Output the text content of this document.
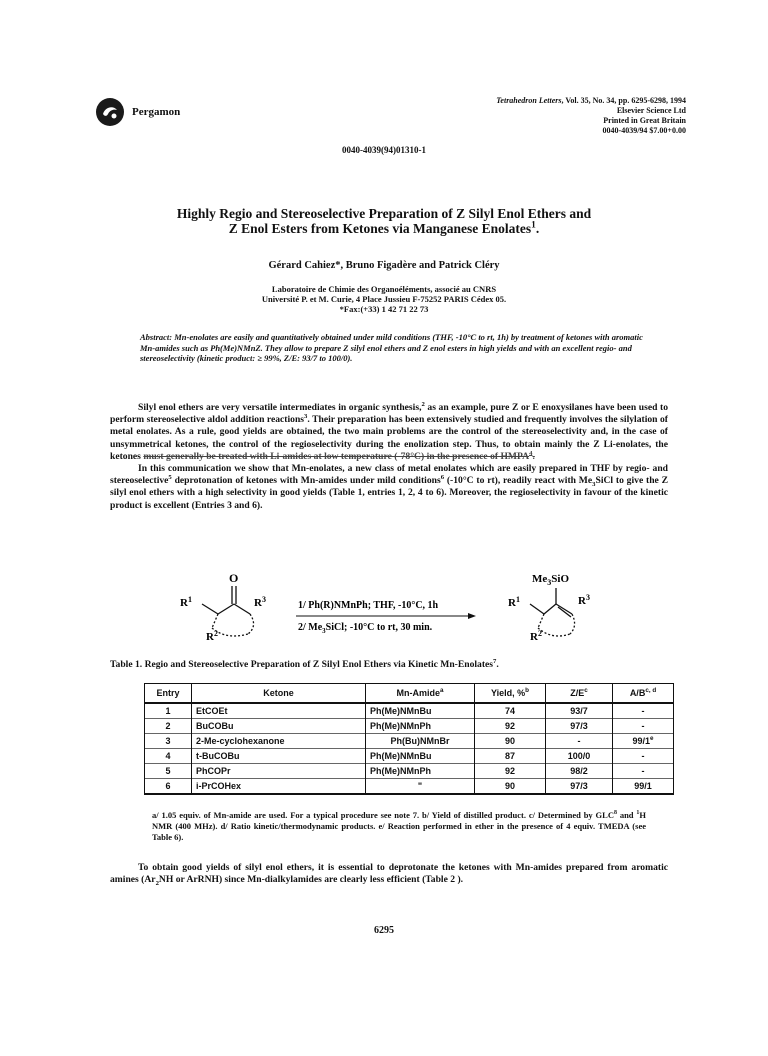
Pergamon
Tetrahedron Letters, Vol. 35, No. 34, pp. 6295-6298, 1994
Elsevier Science Ltd
Printed in Great Britain
0040-4039/94 $7.00+0.00
0040-4039(94)01310-1
Highly Regio and Stereoselective Preparation of Z Silyl Enol Ethers and
Z Enol Esters from Ketones via Manganese Enolates$^1$.
Gérard Cahiez*, Bruno Figadère and Patrick Cléry
Laboratoire de Chimie des Organoéléments, associé au CNRS
Université P. et M. Curie, 4 Place Jussieu F-75252 PARIS Cédex 05.
*Fax:(+33) 1 42 71 22 73
Abstract: Mn-enolates are easily and quantitatively obtained under mild conditions (THF, -10°C to rt, 1h) by treatment of ketones with aromatic Mn-amides such as Ph(Me)NMnZ. They allow to prepare Z silyl enol ethers and Z enol esters in high yields and with an excellent regio- and stereoselectivity (kinetic product: ≥ 99%, Z/E: 93/7 to 100/0).
Silyl enol ethers are very versatile intermediates in organic synthesis,$^2$ as an example, pure Z or E enoxysilanes have been used to perform stereoselective aldol addition reactions$^3$. Their preparation has been extensively studied and frequently involves the silylation of metal enolates. As a rule, good yields are obtained, the two main problems are the control of the stereoselectivity and, in the case of unsymmetrical ketones, the control of the regioselectivity during the enolization step. Thus, to obtain mainly the Z Li-enolates, the ketones must generally be treated with Li-amides at low temperature (-78°C) in the presence of HMPA$^4$.
In this communication we show that Mn-enolates, a new class of metal enolates which are easily prepared in THF by regio- and stereoselective$^5$ deprotonation of ketones with Mn-amides under mild conditions$^6$ (-10°C to rt), readily react with $Me_3SiCl$ to give the Z silyl enol ethers with a high selectivity in good yields (Table 1, entries 1, 2, 4 to 6). Moreover, the regioselectivity in favour of the kinetic product is excellent (Entries 3 and 6).
O
$R^1$	$R^3$
$R^2$
1/ Ph(R)NMnPh; THF, -10°C, 1h
2/ $Me_3SiCl$; -10°C to rt, 30 min.
$Me_3SiO$
$R^1$	$R^3$
$R^2$
Table 1. Regio and Stereoselective Preparation of Z Silyl Enol Ethers via Kinetic Mn-Enolates$^7$.
Entry	Ketone	Mn-Amide$^a$	Yield, %$^b$	$Z/E^c$	$A/B^{c, d}$
1	EtCOEt	Ph(Me)NMnBu	74	93/7	-
2	BuCOBu	Ph(Me)NMnPh	92	97/3	-
3	2-Me-cyclohexanone	Ph(Bu)NMnBr	90	-	99/1e
4	t-BuCOBu	Ph(Me)NMnBu	87	100/0	-
5	PhCOPr	Ph(Me)NMnPh	92	98/2	-
6	i-PrCOHex	"	90	97/3	99/1
a/ 1.05 equiv. of Mn-amide are used. For a typical procedure see note 7. b/ Yield of distilled product. c/ Determined by GLC$^8$ and $^1$H NMR (400 MHz). d/ Ratio kinetic/thermodynamic products. e/ Reaction performed in ether in the presence of 4 equiv. TMEDA (see Table 6).
To obtain good yields of silyl enol ethers, it is essential to deprotonate the ketones with Mn-amides prepared from aromatic amines ($Ar_2NH$ or ArRNH) since Mn-dialkylamides are clearly less efficient (Table 2 ).
6295
